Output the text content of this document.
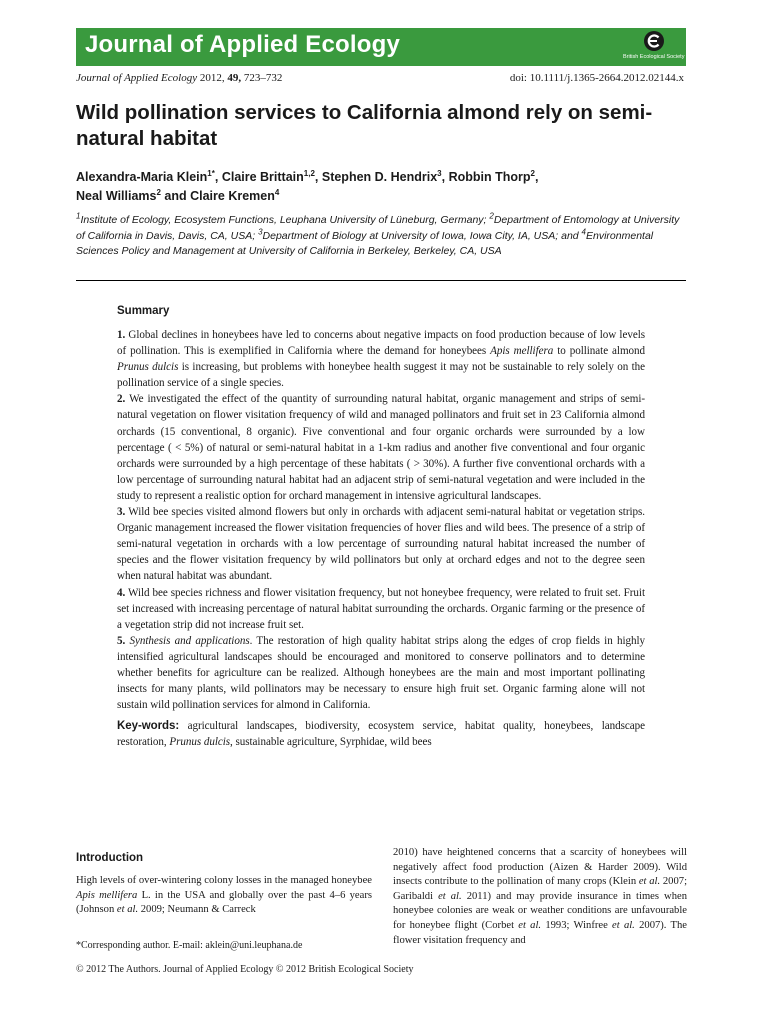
Journal of Applied Ecology	British Ecological Society
Journal of Applied Ecology 2012, 49, 723–732	doi: 10.1111/j.1365-2664.2012.02144.x
Wild pollination services to California almond rely on semi-natural habitat
Alexandra-Maria Klein$^{1*}$, Claire Brittain$^{1,2}$, Stephen D. Hendrix$^3$, Robbin Thorp$^2$,
Neal Williams$^2$ and Claire Kremen$^4$
$^1$Institute of Ecology, Ecosystem Functions, Leuphana University of Lüneburg, Germany; $^2$Department of Entomology at University of California in Davis, Davis, CA, USA; $^3$Department of Biology at University of Iowa, Iowa City, IA, USA; and $^4$Environmental Sciences Policy and Management at University of California in Berkeley, Berkeley, CA, USA
Summary

1. Global declines in honeybees have led to concerns about negative impacts on food production because of low levels of pollination. This is exemplified in California where the demand for honeybees Apis mellifera to pollinate almond Prunus dulcis is increasing, but problems with honeybee health suggest it may not be sustainable to rely solely on the pollination service of a single species.

2. We investigated the effect of the quantity of surrounding natural habitat, organic management and strips of semi-natural vegetation on flower visitation frequency of wild and managed pollinators and fruit set in 23 California almond orchards (15 conventional, 8 organic). Five conventional and four organic orchards were surrounded by a low percentage ( < 5%) of natural or semi-natural habitat in a 1-km radius and another five conventional and four organic orchards were surrounded by a high percentage of these habitats ( > 30%). A further five conventional orchards with a low percentage of surrounding natural habitat had an adjacent strip of semi-natural vegetation and were included in the study to represent a realistic option for orchard management in intensive agricultural landscapes.

3. Wild bee species visited almond flowers but only in orchards with adjacent semi-natural habitat or vegetation strips. Organic management increased the flower visitation frequencies of hover flies and wild bees. The presence of a strip of semi-natural vegetation in orchards with a low percentage of surrounding natural habitat increased the number of species and the flower visitation frequency by wild pollinators but only at orchard edges and not to the degree seen when natural habitat was abundant.

4. Wild bee species richness and flower visitation frequency, but not honeybee frequency, were related to fruit set. Fruit set increased with increasing percentage of natural habitat surrounding the orchards. Organic farming or the presence of a vegetation strip did not increase fruit set.

5. Synthesis and applications. The restoration of high quality habitat strips along the edges of crop fields in highly intensified agricultural landscapes should be encouraged and monitored to conserve pollinators and to determine whether benefits for agriculture can be realized. Although honeybees are the main and most important pollinating insects for many plants, wild pollinators may be necessary to ensure high fruit set. Organic farming alone will not sustain wild pollination services for almond in California.

Key-words: agricultural landscapes, biodiversity, ecosystem service, habitat quality, honeybees, landscape restoration, Prunus dulcis, sustainable agriculture, Syrphidae, wild bees

Introduction

High levels of over-wintering colony losses in the managed honeybee Apis mellifera L. in the USA and globally over the past 4–6 years (Johnson et al. 2009; Neumann & Carreck

2010) have heightened concerns that a scarcity of honeybees will negatively affect food production (Aizen & Harder 2009). Wild insects contribute to the pollination of many crops (Klein et al. 2007; Garibaldi et al. 2011) and may provide insurance in times when honeybee colonies are weak or weather conditions are unfavourable for honeybee flight (Corbet et al. 1993; Winfree et al. 2007). The flower visitation frequency and

*Corresponding author. E-mail: aklein@uni.leuphana.de
© 2012 The Authors. Journal of Applied Ecology © 2012 British Ecological Society
